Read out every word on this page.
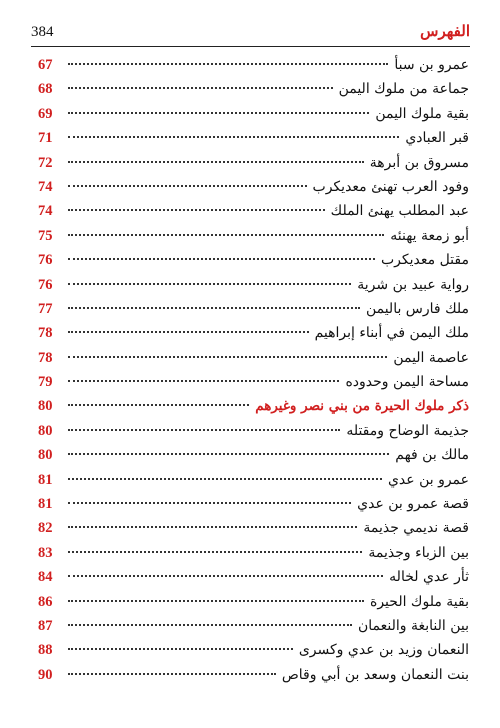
384	الفهرس
عمرو بن سبأ
67
جماعة من ملوك اليمن
68
بقية ملوك اليمن
69
قبر العبادي
71
مسروق بن أبرهة
72
وفود العرب تهنئ معديكرب
74
عبد المطلب يهنئ الملك
74
أبو زمعة يهنئه
75
مقتل معديكرب
76
رواية عبيد بن شرية
76
ملك فارس باليمن
77
ملك اليمن في أبناء إبراهيم
78
عاصمة اليمن
78
مساحة اليمن وحدوده
79
ذكر ملوك الحيرة من بني نصر وغيرهم
80
جذيمة الوضاح ومقتله
80
مالك بن فهم
80
عمرو بن عدي
81
قصة عمرو بن عدي
81
قصة نديمي جذيمة
82
بين الزباء وجذيمة
83
ثأر عدي لخاله
84
بقية ملوك الحيرة
86
بين النابغة والنعمان
87
النعمان وزيد بن عدي وكسرى
88
بنت النعمان وسعد بن أبي وقاص
90
